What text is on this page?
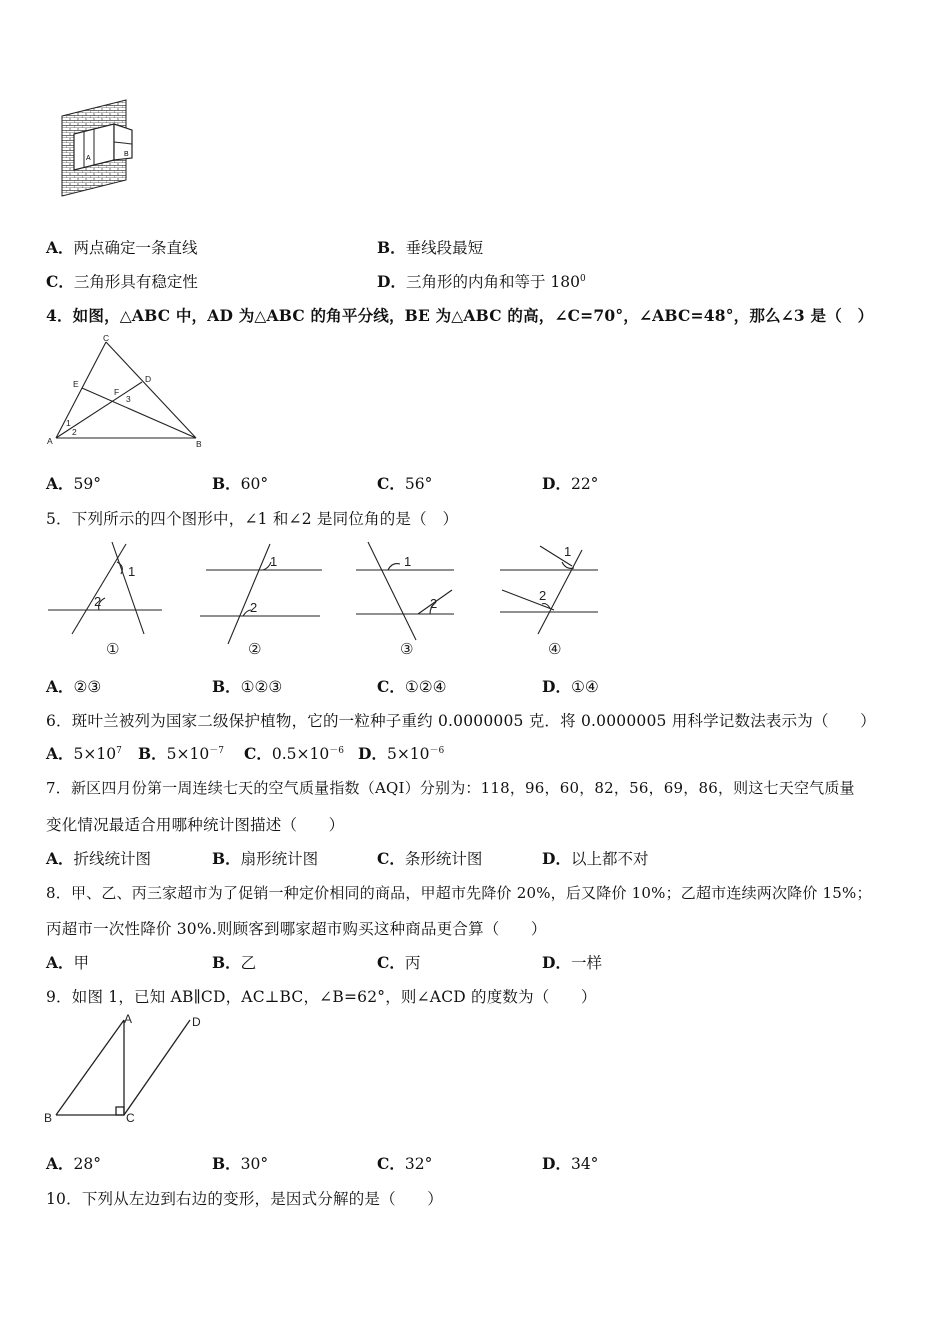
A
B
A．两点确定一条直线	B．垂线段最短
C．三角形具有稳定性	D．三角形的内角和等于 $180^0$
4．如图，△ABC 中，AD 为△ABC 的角平分线，BE 为△ABC 的高，∠C=70°，∠ABC=48°，那么∠3 是（　）
C
E	D
F
3
1
2
A	B
A．59°	B．60°	C．56°	D．22°
5．下列所示的四个图形中，∠1 和∠2 是同位角的是（　）
1
2
1
2
1
2
1
2
①	②	③	④
A．②③	B．①②③	C．①②④	D．①④
6．斑叶兰被列为国家二级保护植物，它的一粒种子重约 0.0000005 克．将 0.0000005 用科学记数法表示为（　　）
A．$5\times 10^7$ B．$5\times 10^{-7}$ C．$0.5\times 10^{-6}$ D．$5\times 10^{-6}$
7．新区四月份第一周连续七天的空气质量指数（AQI）分别为：118，96，60，82，56，69，86，则这七天空气质量
变化情况最适合用哪种统计图描述（　　）
A．折线统计图	B．扇形统计图	C．条形统计图	D．以上都不对
8．甲、乙、丙三家超市为了促销一种定价相同的商品，甲超市先降价 20%，后又降价 10%；乙超市连续两次降价 15%；
丙超市一次性降价 30%.则顾客到哪家超市购买这种商品更合算（　　）
A．甲	B．乙	C．丙	D．一样
9．如图 1，已知 AB∥CD，AC⊥BC，∠B=62°，则∠ACD 的度数为（　　）
A	D
B	C
A．28°	B．30°	C．32°	D．34°
10．下列从左边到右边的变形，是因式分解的是（　　）
